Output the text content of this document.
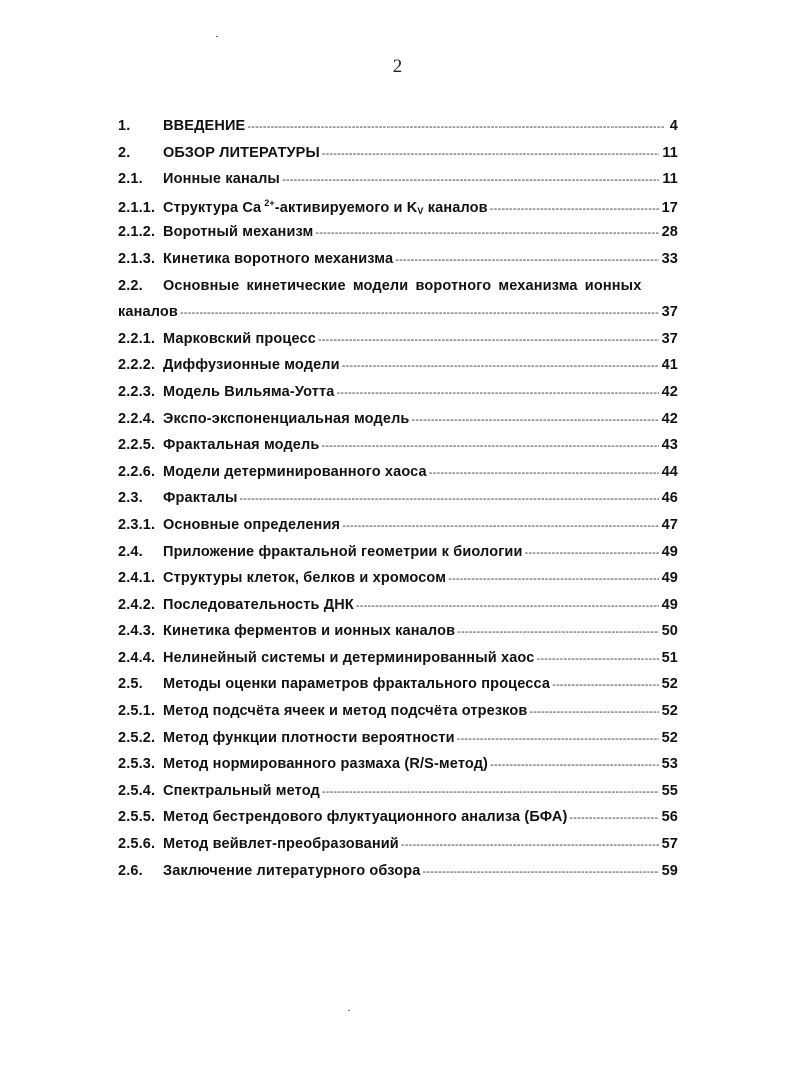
2
1.	ВВЕДЕНИЕ -----	4
2.	ОБЗОР ЛИТЕРАТУРЫ -----	11
2.1.	Ионные каналы -----	11
2.1.1. Структура Ca $^{2+}$-активируемого и $K_V$ каналов -----	17
2.1.2. Воротный механизм -----	28
2.1.3. Кинетика воротного механизма -----	33
2.2.	Основные кинетические модели воротного механизма ионных
каналов -----	37
2.2.1. Марковский процесс -----	37
2.2.2. Диффузионные модели -----	41
2.2.3. Модель Вильяма-Уотта -----	42
2.2.4. Экспо-экспоненциальная модель -----	42
2.2.5. Фрактальная модель -----	43
2.2.6. Модели детерминированного хаоса -----	44
2.3.	Фракталы -----	46
2.3.1. Основные определения -----	47
2.4.	Приложение фрактальной геометрии к биологии -----	49
2.4.1. Структуры клеток, белков и хромосом -----	49
2.4.2. Последовательность ДНК -----	49
2.4.3. Кинетика ферментов и ионных каналов -----	50
2.4.4. Нелинейный системы и детерминированный хаос -----	51
2.5.	Методы оценки параметров фрактального процесса -----	52
2.5.1. Метод подсчёта ячеек и метод подсчёта отрезков -----	52
2.5.2. Метод функции плотности вероятности -----	52
2.5.3. Метод нормированного размаха (R/S-метод) -----	53
2.5.4. Спектральный метод -----	55
2.5.5. Метод бестрендового флуктуационного анализа (БФА) -----	56
2.5.6. Метод вейвлет-преобразований -----	57
2.6.	Заключение литературного обзора -----	59
